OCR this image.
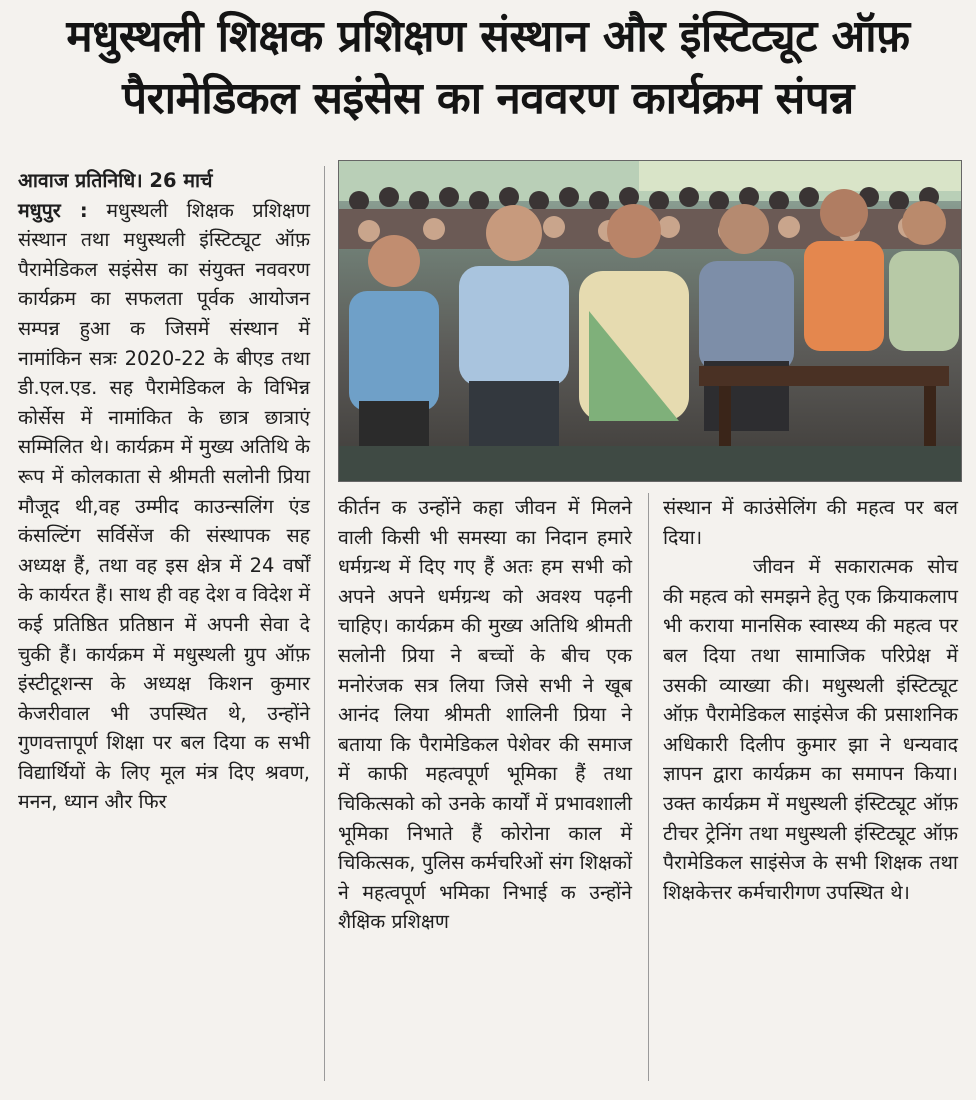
मधुस्थली शिक्षक प्रशिक्षण संस्थान और इंस्टिट्यूट ऑफ़
पैरामेडिकल सइंसेस का नववरण कार्यक्रम संपन्न

आवाज प्रतिनिधि। 26 मार्च

मधुपुर : मधुस्थली शिक्षक प्रशिक्षण संस्थान तथा मधुस्थली इंस्टिट्यूट ऑफ़ पैरामेडिकल सइंसेस का संयुक्त नववरण कार्यक्रम का सफलता पूर्वक आयोजन सम्पन्न हुआ क जिसमें संस्थान में नामांकिन सत्रः 2020-22 के बीएड तथा डी.एल.एड. सह पैरामेडिकल के विभिन्न कोर्सेस में नामांकित के छात्र छात्राएं सम्मिलित थे। कार्यक्रम में मुख्य अतिथि के रूप में कोलकाता से श्रीमती सलोनी प्रिया मौजूद थी,वह उम्मीद काउन्सलिंग एंड कंसल्टिंग सर्विसेंज की संस्थापक सह अध्यक्ष हैं, तथा वह इस क्षेत्र में 24 वर्षों के कार्यरत हैं। साथ ही वह देश व विदेश में कई प्रतिष्ठित प्रतिष्ठान में अपनी सेवा दे चुकी हैं। कार्यक्रम में मधुस्थली ग्रुप ऑफ़ इंस्टीटूशन्स के अध्यक्ष किशन कुमार केजरीवाल भी उपस्थित थे, उन्होंने गुणवत्तापूर्ण शिक्षा पर बल दिया क सभी विद्यार्थियों के लिए मूल मंत्र दिए श्रवण, मनन, ध्यान और फिर

कीर्तन क उन्होंने कहा जीवन में मिलने वाली किसी भी समस्या का निदान हमारे धर्मग्रन्थ में दिए गए हैं अतः हम सभी को अपने अपने धर्मग्रन्थ को अवश्य पढ़नी चाहिए। कार्यक्रम की मुख्य अतिथि श्रीमती सलोनी प्रिया ने बच्चों के बीच एक मनोरंजक सत्र लिया जिसे सभी ने खूब आनंद लिया श्रीमती शालिनी प्रिया ने बताया कि पैरामेडिकल पेशेवर की समाज में काफी महत्वपूर्ण भूमिका हैं तथा चिकित्सको को उनके कार्यों में प्रभावशाली भूमिका निभाते हैं कोरोना काल में चिकित्सक, पुलिस कर्मचरिओं संग शिक्षकों ने महत्वपूर्ण भमिका निभाई क उन्होंने शैक्षिक प्रशिक्षण

संस्थान में काउंसेलिंग की महत्व पर बल दिया।

जीवन में सकारात्मक सोच की महत्व को समझने हेतु एक क्रियाकलाप भी कराया मानसिक स्वास्थ्य की महत्व पर बल दिया तथा सामाजिक परिप्रेक्ष में उसकी व्याख्या की। मधुस्थली इंस्टिट्यूट ऑफ़ पैरामेडिकल साइंसेज की प्रसाशनिक अधिकारी दिलीप कुमार झा ने धन्यवाद ज्ञापन द्वारा कार्यक्रम का समापन किया। उक्त कार्यक्रम में मधुस्थली इंस्टिट्यूट ऑफ़ टीचर ट्रेनिंग तथा मधुस्थली इंस्टिट्यूट ऑफ़ पैरामेडिकल साइंसेज के सभी शिक्षक तथा शिक्षकेत्तर कर्मचारीगण उपस्थित थे।
